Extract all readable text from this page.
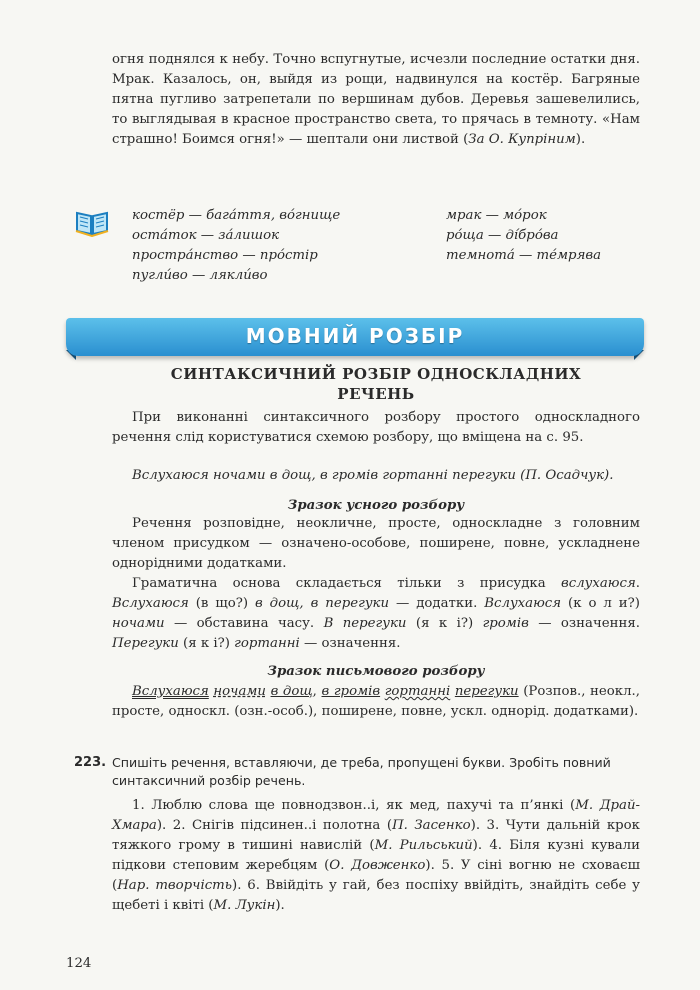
огня поднялся к небу. Точно вспугнутые, исчезли последние остатки дня. Мрак. Казалось, он, выйдя из рощи, надвинулся на костёр. Багряные пятна пугливо затрепетали по вершинам дубов. Деревья зашевелились, то выглядывая в красное пространство света, то прячась в темноту. «Нам страшно! Боимся огня!» — шептали они листвой (За О. Купріним).

костёр — бага́ття, во́гнище
оста́ток — за́лишок
простра́нство — про́стір
пугли́во — ляклúво
мрак — мо́рок
ро́ща — ді́бро́ва
темнота́ — те́мрява
МОВНИЙ РОЗБІР
СИНТАКСИЧНИЙ РОЗБІР ОДНОСКЛАДНИХ
РЕЧЕНЬ

При виконанні синтаксичного розбору простого односкладного речення слід користуватися схемою розбору, що вміщена на с. 95.

Вслухаюся ночами в дощ, в громів гортанні перегуки (П. Осадчук).

Зразок усного розбору

Речення розповідне, неокличне, просте, односкладне з головним членом присудком — означено-особове, поширене, повне, ускладнене однорідними додатками.

Граматична основа складається тільки з присудка вслухаюся. Вслухаюся (в що?) в дощ, в перегуки — додатки. Вслухаюся (к о л и?) ночами — обставина часу. В перегуки (я к і?) громів — означення. Перегуки (я к і?) гортанні — означення.

Зразок письмового розбору

Вслухаюся ночами в дощ, в громів гортанні перегуки (Розпов., неокл., просте, односкл. (озн.-особ.), поширене, повне, ускл. однорід. додатками).

223. Спишіть речення, вставляючи, де треба, пропущені букви. Зробіть повний синтаксичний розбір речень.

1. Люблю слова ще повнодзвон..і, як мед, пахучі та п’янкі (М. Драй-Хмара). 2. Снігів підсинен..і полотна (П. Засенко). 3. Чути дальній крок тяжкого грому в тишині навислій (М. Рильський). 4. Біля кузні кували підкови степовим жеребцям (О. Довженко). 5. У сіні вогню не сховаєш (Нар. творчість). 6. Ввійдіть у гай, без поспіху ввійдіть, знайдіть себе у щебеті і квіті (М. Лукін).

124
